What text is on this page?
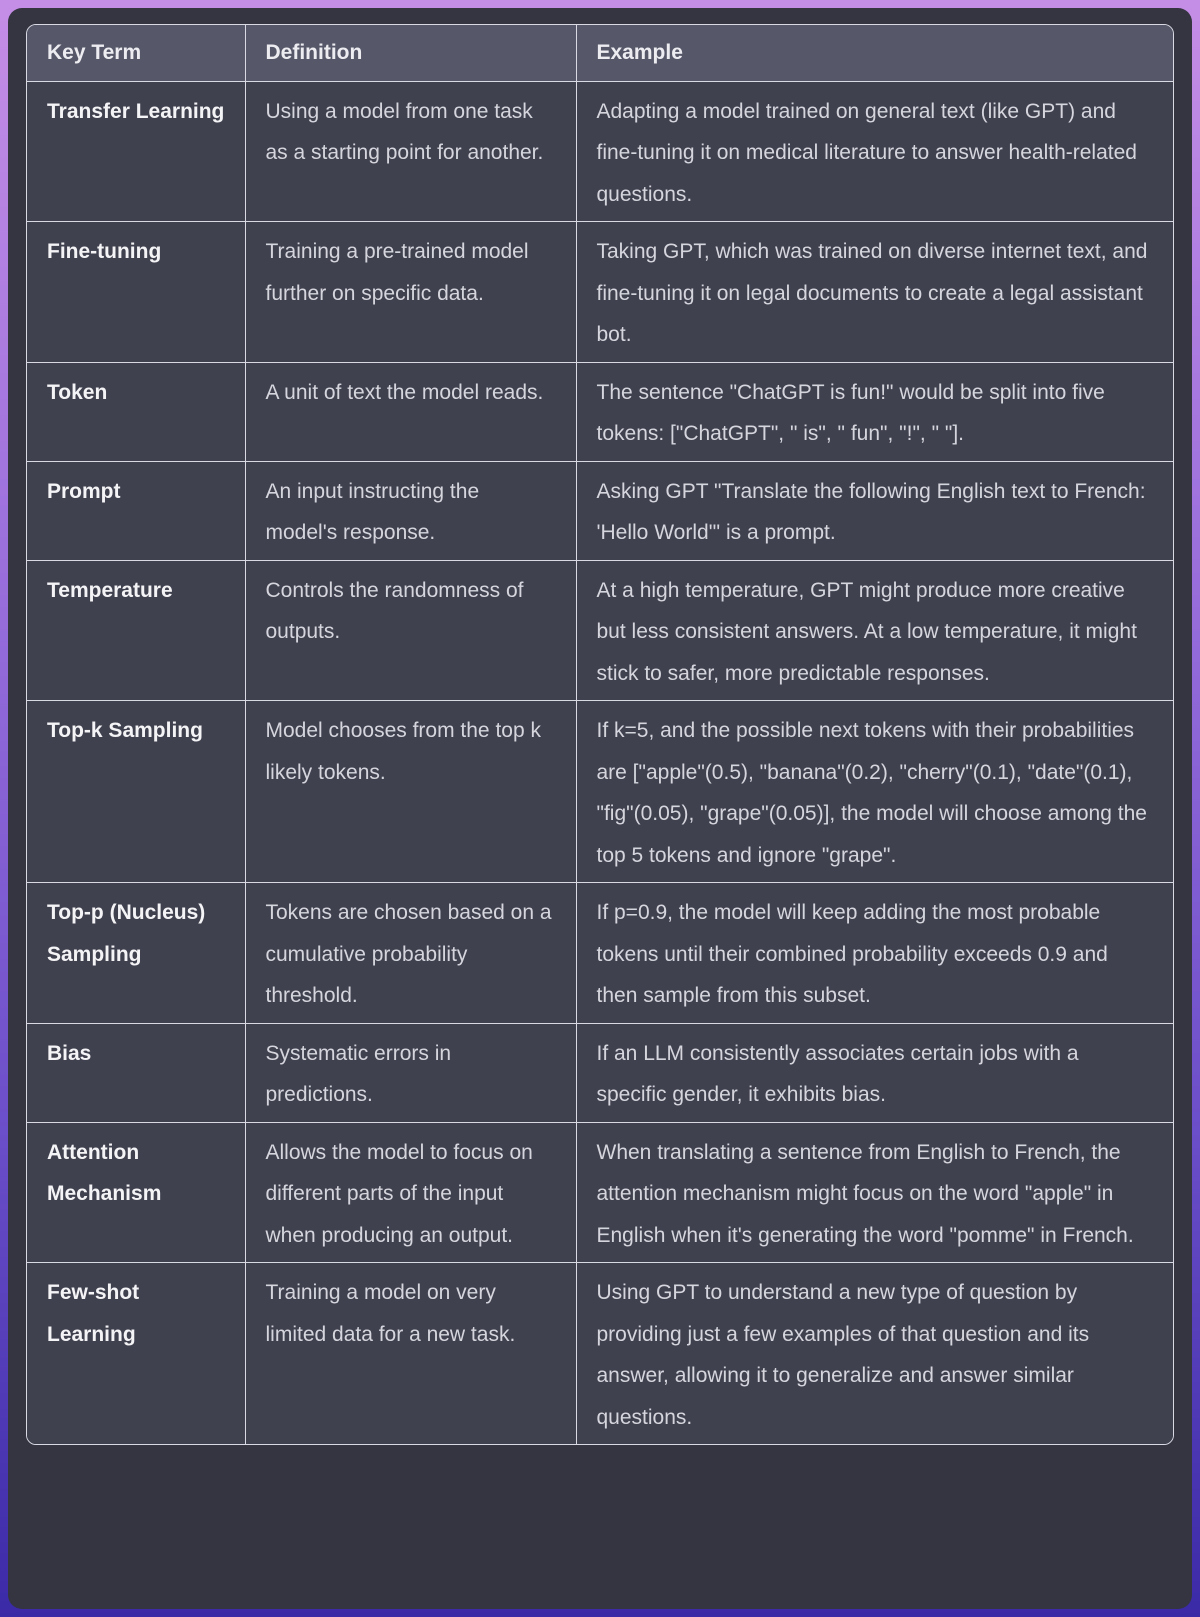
Key Term	Definition	Example
Transfer Learning	Using a model from one task as a starting point for another.	Adapting a model trained on general text (like GPT) and fine-tuning it on medical literature to answer health-related questions.
Fine-tuning	Training a pre-trained model further on specific data.	Taking GPT, which was trained on diverse internet text, and fine-tuning it on legal documents to create a legal assistant bot.
Token	A unit of text the model reads.	The sentence "ChatGPT is fun!" would be split into five tokens: ["ChatGPT", " is", " fun", "!", " "].
Prompt	An input instructing the model's response.	Asking GPT "Translate the following English text to French: 'Hello World'" is a prompt.
Temperature	Controls the randomness of outputs.	At a high temperature, GPT might produce more creative but less consistent answers. At a low temperature, it might stick to safer, more predictable responses.
Top-k Sampling	Model chooses from the top k likely tokens.	If k=5, and the possible next tokens with their probabilities are ["apple"(0.5), "banana"(0.2), "cherry"(0.1), "date"(0.1), "fig"(0.05), "grape"(0.05)], the model will choose among the top 5 tokens and ignore "grape".
Top-p (Nucleus) Sampling	Tokens are chosen based on a cumulative probability threshold.	If p=0.9, the model will keep adding the most probable tokens until their combined probability exceeds 0.9 and then sample from this subset.
Bias	Systematic errors in predictions.	If an LLM consistently associates certain jobs with a specific gender, it exhibits bias.
Attention Mechanism	Allows the model to focus on different parts of the input when producing an output.	When translating a sentence from English to French, the attention mechanism might focus on the word "apple" in English when it's generating the word "pomme" in French.
Few-shot Learning	Training a model on very limited data for a new task.	Using GPT to understand a new type of question by providing just a few examples of that question and its answer, allowing it to generalize and answer similar questions.
